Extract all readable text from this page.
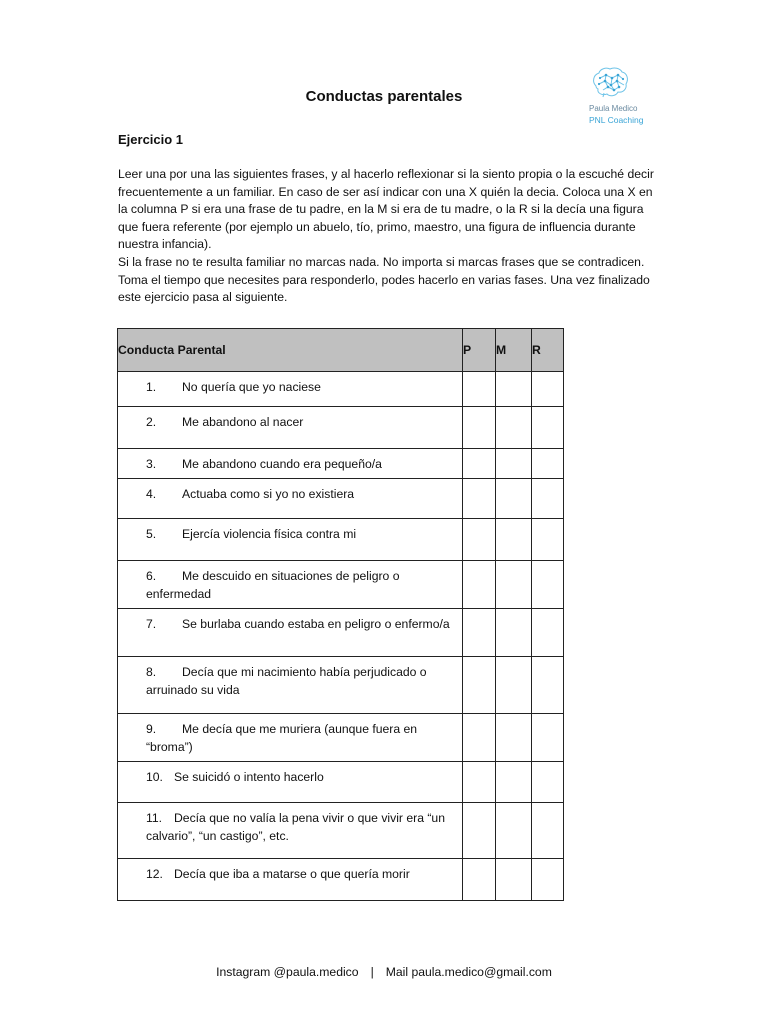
Paula Medico
PNL Coaching
Conductas parentales
Ejercicio 1

Leer una por una las siguientes frases, y al hacerlo reflexionar si la siento propia o la escuché decir frecuentemente a un familiar. En caso de ser así indicar con una X quién la decia. Coloca una X en la columna P si era una frase de tu padre, en la M si era de tu madre, o la R si la decía una figura que fuera referente (por ejemplo un abuelo, tío, primo, maestro, una figura de influencia durante nuestra infancia).

Si la frase no te resulta familiar no marcas nada. No importa si marcas frases que se contradicen. Toma el tiempo que necesites para responderlo, podes hacerlo en varias fases. Una vez finalizado este ejercicio pasa al siguiente.

Conducta Parental	P	M	R

1. No quería que yo naciese			

2. Me abandono al nacer			

3. Me abandono cuando era pequeño/a			

4. Actuaba como si yo no existiera			

5. Ejercía violencia física contra mi			

6. Me descuido en situaciones de peligro o enfermedad			

7. Se burlaba cuando estaba en peligro o enfermo/a			

8. Decía que mi nacimiento había perjudicado o arruinado su vida			

9. Me decía que me muriera (aunque fuera en “broma”)			

10. Se suicidó o intento hacerlo			

11. Decía que no valía la pena vivir o que vivir era “un calvario”, “un castigo”, etc.			

12. Decía que iba a matarse o que quería morir			

Instagram @paula.medico | Mail paula.medico@gmail.com
